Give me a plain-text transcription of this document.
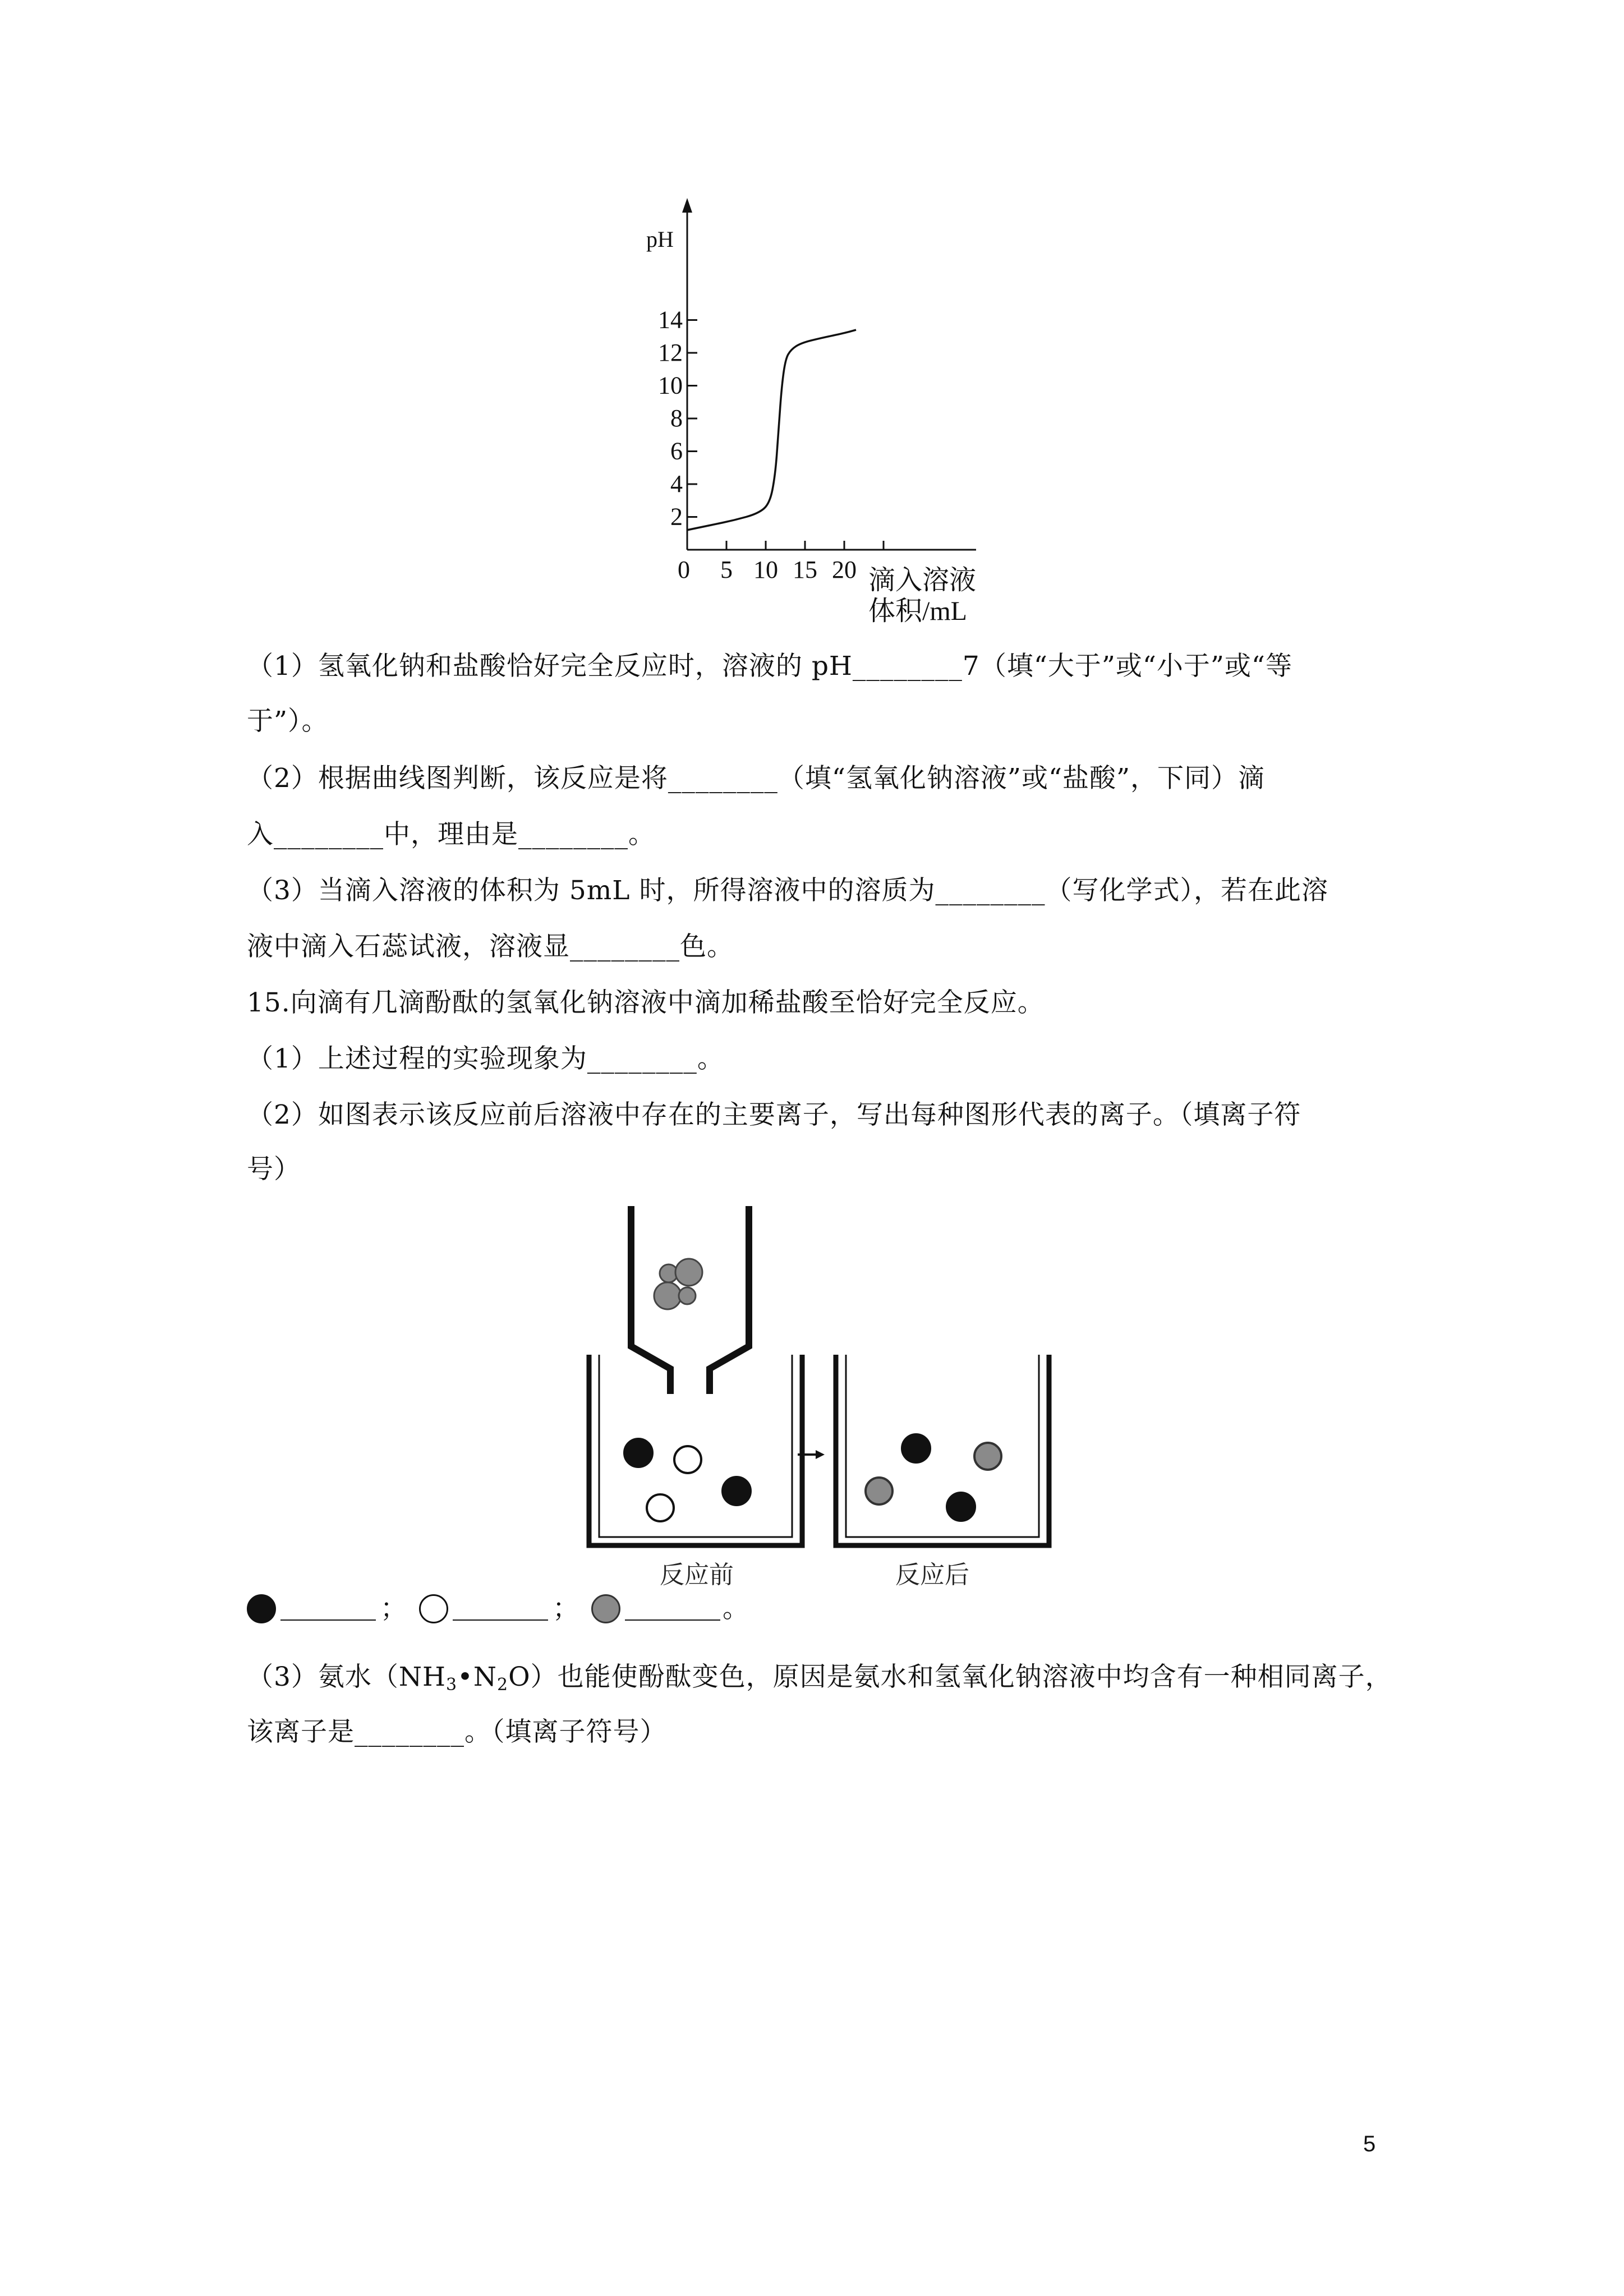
pH
2
4
6
8
10
12
14
0 5 10 15 20 滴入溶液
体积/mL
（1）氢氧化钠和盐酸恰好完全反应时，溶液的 pH________7（填“大于”或“小于”或“等
于”）。
（2）根据曲线图判断，该反应是将________（填“氢氧化钠溶液”或“盐酸”，下同）滴
入________中，理由是________。
（3）当滴入溶液的体积为 5mL 时，所得溶液中的溶质为________（写化学式），若在此溶
液中滴入石蕊试液，溶液显________色。
15.向滴有几滴酚酞的氢氧化钠溶液中滴加稀盐酸至恰好完全反应。
（1）上述过程的实验现象为________。
（2）如图表示该反应前后溶液中存在的主要离子，写出每种图形代表的离子。（填离子符
号）
反应前	反应后
；	；	。
（3）氨水$(NH_3•N_2O)$也能使酚酞变色，原因是氨水和氢氧化钠溶液中均含有一种相同离子，
该离子是________。（填离子符号）
5
